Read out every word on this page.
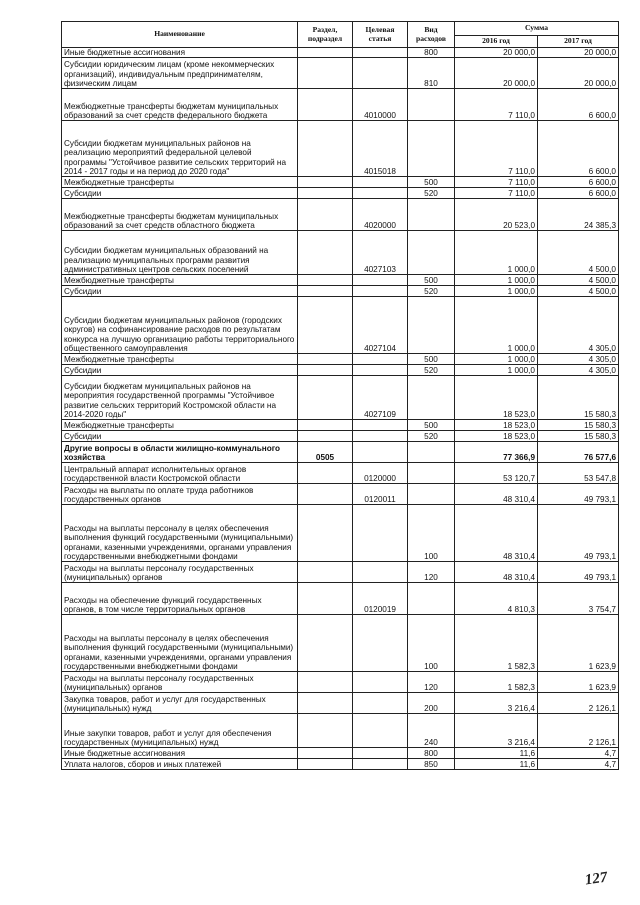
Наименование	Раздел, подраздел	Целевая статья	Вид расходов	Сумма	
				2016 год	2017 год
Иные бюджетные ассигнования			800	20 000,0	20 000,0
Субсидии юридическим лицам (кроме некоммерческих организаций), индивидуальным предпринимателям, физическим лицам			810	20 000,0	20 000,0
Межбюджетные трансферты бюджетам муниципальных образований за счет средств федерального бюджета		4010000		7 110,0	6 600,0
Субсидии бюджетам муниципальных районов на реализацию мероприятий федеральной целевой программы "Устойчивое развитие сельских территорий на 2014 - 2017 годы и на период до 2020 года"		4015018		7 110,0	6 600,0
Межбюджетные трансферты			500	7 110,0	6 600,0
Субсидии			520	7 110,0	6 600,0
Межбюджетные трансферты бюджетам муниципальных образований за счет средств областного бюджета		4020000		20 523,0	24 385,3
Субсидии бюджетам муниципальных образований на реализацию муниципальных программ развития административных центров сельских поселений		4027103		1 000,0	4 500,0
Межбюджетные трансферты			500	1 000,0	4 500,0
Субсидии			520	1 000,0	4 500,0
Субсидии бюджетам муниципальных районов (городских округов) на софинансирование расходов по результатам конкурса на лучшую организацию работы территориального общественного самоуправления		4027104		1 000,0	4 305,0
Межбюджетные трансферты			500	1 000,0	4 305,0
Субсидии			520	1 000,0	4 305,0
Субсидии бюджетам муниципальных районов на мероприятия государственной программы "Устойчивое развитие сельских территорий Костромской области на 2014-2020 годы"		4027109		18 523,0	15 580,3
Межбюджетные трансферты			500	18 523,0	15 580,3
Субсидии			520	18 523,0	15 580,3
Другие вопросы в области жилищно-коммунального хозяйства	0505			77 366,9	76 577,6
Центральный аппарат исполнительных органов государственной власти Костромской области		0120000		53 120,7	53 547,8
Расходы на выплаты по оплате труда работников государственных органов		0120011		48 310,4	49 793,1
Расходы на выплаты персоналу в целях обеспечения выполнения функций государственными (муниципальными) органами, казенными учреждениями, органами управления государственными внебюджетными фондами			100	48 310,4	49 793,1
Расходы на выплаты персоналу государственных (муниципальных) органов			120	48 310,4	49 793,1
Расходы на обеспечение функций государственных органов, в том числе территориальных органов		0120019		4 810,3	3 754,7
Расходы на выплаты персоналу в целях обеспечения выполнения функций государственными (муниципальными) органами, казенными учреждениями, органами управления государственными внебюджетными фондами			100	1 582,3	1 623,9
Расходы на выплаты персоналу государственных (муниципальных) органов			120	1 582,3	1 623,9
Закупка товаров, работ и услуг для государственных (муниципальных) нужд			200	3 216,4	2 126,1
Иные закупки товаров, работ и услуг для обеспечения государственных (муниципальных) нужд			240	3 216,4	2 126,1
Иные бюджетные ассигнования			800	11,6	4,7
Уплата налогов, сборов и иных платежей			850	11,6	4,7
127
